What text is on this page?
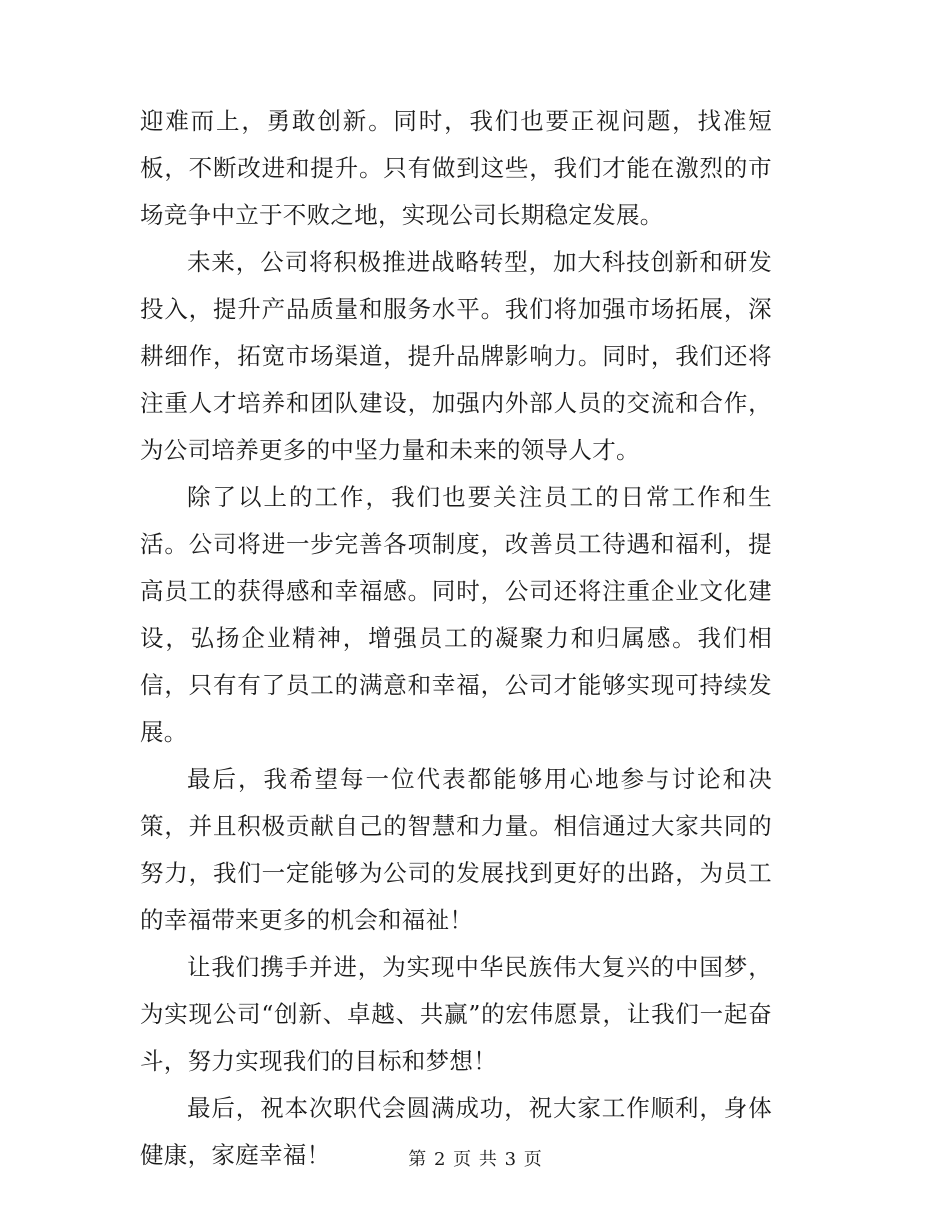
迎难而上，勇敢创新。同时，我们也要正视问题，找准短板，不断改进和提升。只有做到这些，我们才能在激烈的市场竞争中立于不败之地，实现公司长期稳定发展。

未来，公司将积极推进战略转型，加大科技创新和研发投入，提升产品质量和服务水平。我们将加强市场拓展，深耕细作，拓宽市场渠道，提升品牌影响力。同时，我们还将注重人才培养和团队建设，加强内外部人员的交流和合作，为公司培养更多的中坚力量和未来的领导人才。

除了以上的工作，我们也要关注员工的日常工作和生活。公司将进一步完善各项制度，改善员工待遇和福利，提高员工的获得感和幸福感。同时，公司还将注重企业文化建设，弘扬企业精神，增强员工的凝聚力和归属感。我们相信，只有有了员工的满意和幸福，公司才能够实现可持续发展。

最后，我希望每一位代表都能够用心地参与讨论和决策，并且积极贡献自己的智慧和力量。相信通过大家共同的努力，我们一定能够为公司的发展找到更好的出路，为员工的幸福带来更多的机会和福祉！

让我们携手并进，为实现中华民族伟大复兴的中国梦，为实现公司“创新、卓越、共赢”的宏伟愿景，让我们一起奋斗，努力实现我们的目标和梦想！

最后，祝本次职代会圆满成功，祝大家工作顺利，身体健康，家庭幸福！	第 2 页 共 3 页
